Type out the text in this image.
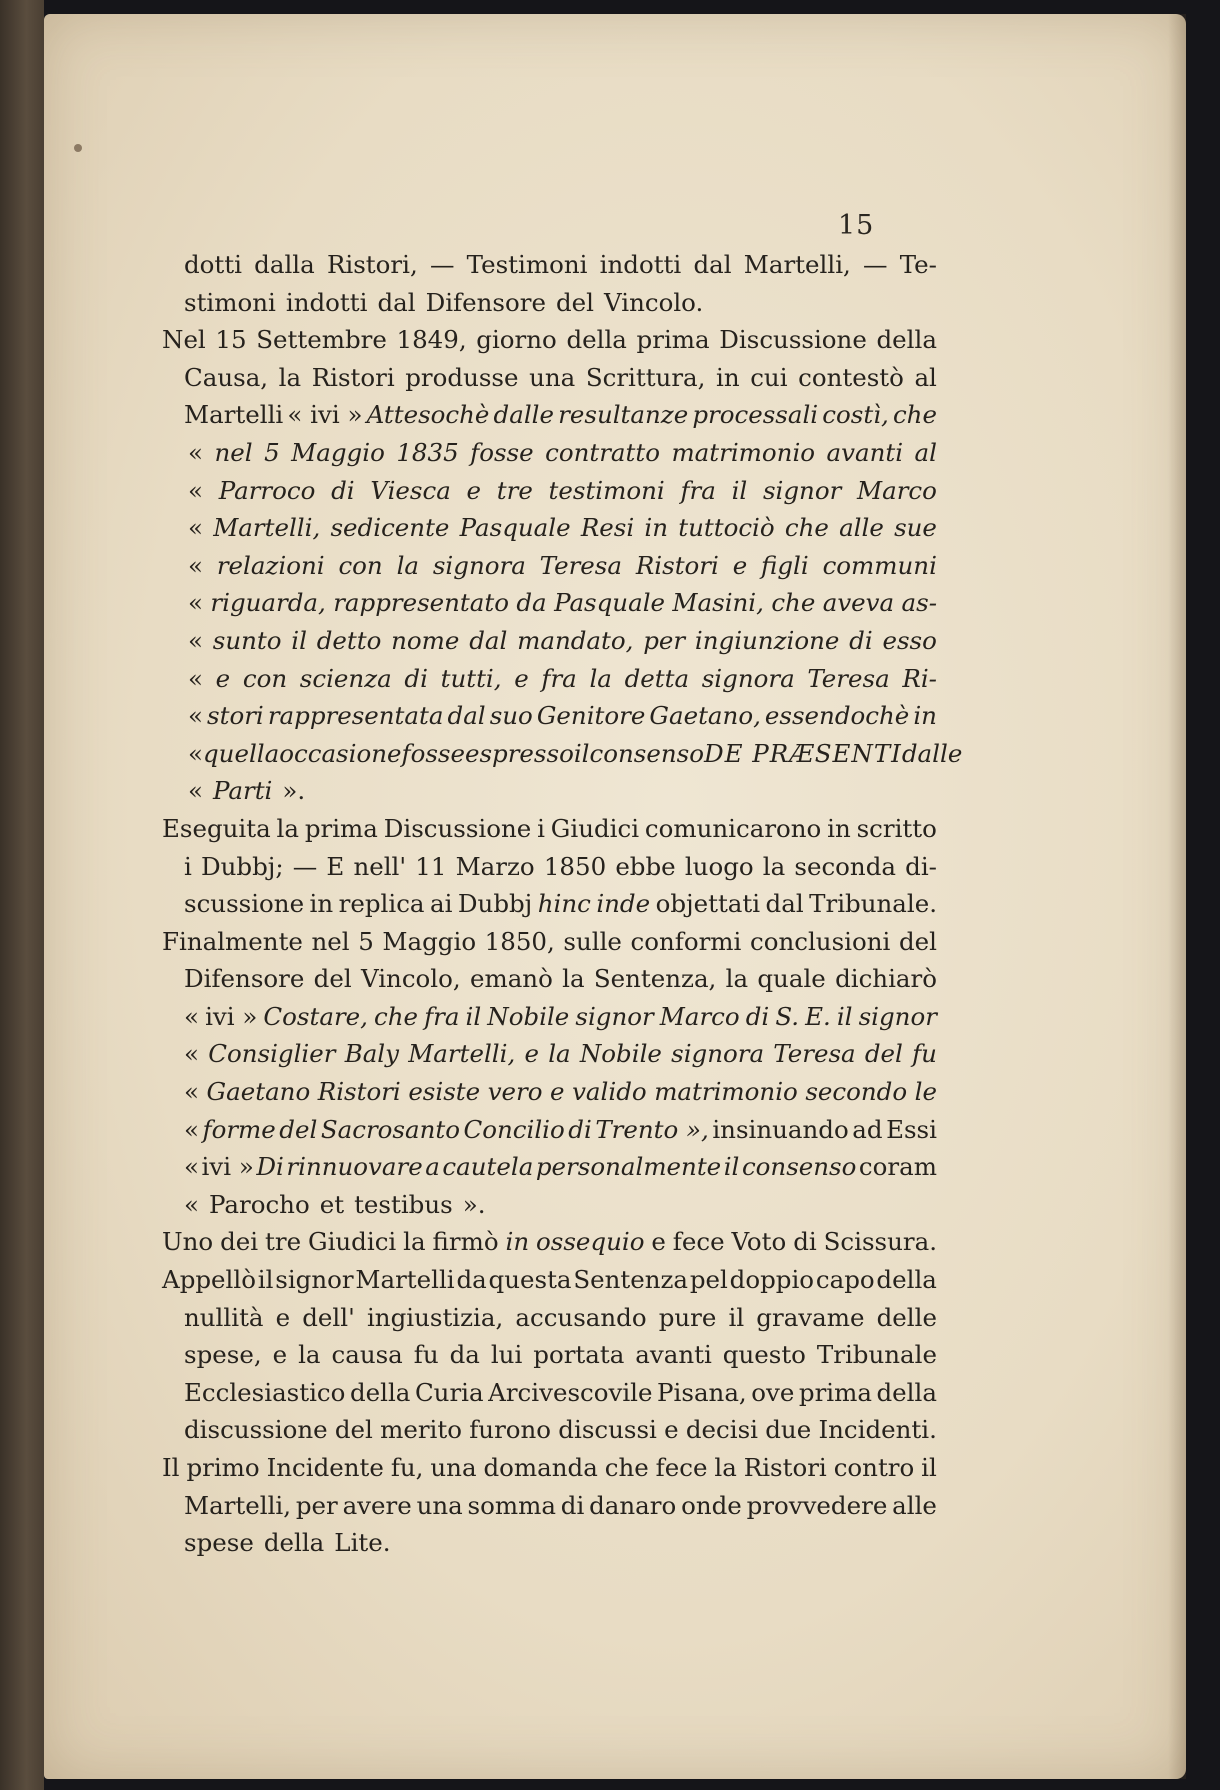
15
dotti dalla Ristori, — Testimoni indotti dal Martelli, — Te-
stimoni indotti dal Difensore del Vincolo.
Nel 15 Settembre 1849, giorno della prima Discussione della
Causa, la Ristori produsse una Scrittura, in cui contestò al
Martelli « ivi » Attesochè dalle resultanze processali costì, che
« nel 5 Maggio 1835 fosse contratto matrimonio avanti al
« Parroco di Viesca e tre testimoni fra il signor Marco
« Martelli, sedicente Pasquale Resi in tuttociò che alle sue
« relazioni con la signora Teresa Ristori e figli communi
« riguarda, rappresentato da Pasquale Masini, che aveva as-
« sunto il detto nome dal mandato, per ingiunzione di esso
« e con scienza di tutti, e fra la detta signora Teresa Ri-
« stori rappresentata dal suo Genitore Gaetano, essendochè in
« quella occasione fosse espresso il consenso DE PRÆSENTI dalle
« Parti ».
Eseguita la prima Discussione i Giudici comunicarono in scritto
i Dubbj; — E nell' 11 Marzo 1850 ebbe luogo la seconda di-
scussione in replica ai Dubbj hinc inde objettati dal Tribunale.
Finalmente nel 5 Maggio 1850, sulle conformi conclusioni del
Difensore del Vincolo, emanò la Sentenza, la quale dichiarò
« ivi » Costare, che fra il Nobile signor Marco di S. E. il signor
« Consiglier Baly Martelli, e la Nobile signora Teresa del fu
« Gaetano Ristori esiste vero e valido matrimonio secondo le
« forme del Sacrosanto Concilio di Trento », insinuando ad Essi
« ivi » Di rinnuovare a cautela personalmente il consenso coram
« Parocho et testibus ».
Uno dei tre Giudici la firmò in ossequio e fece Voto di Scissura.
Appellò il signor Martelli da questa Sentenza pel doppio capo della
nullità e dell' ingiustizia, accusando pure il gravame delle
spese, e la causa fu da lui portata avanti questo Tribunale
Ecclesiastico della Curia Arcivescovile Pisana, ove prima della
discussione del merito furono discussi e decisi due Incidenti.
Il primo Incidente fu, una domanda che fece la Ristori contro il
Martelli, per avere una somma di danaro onde provvedere alle
spese della Lite.
